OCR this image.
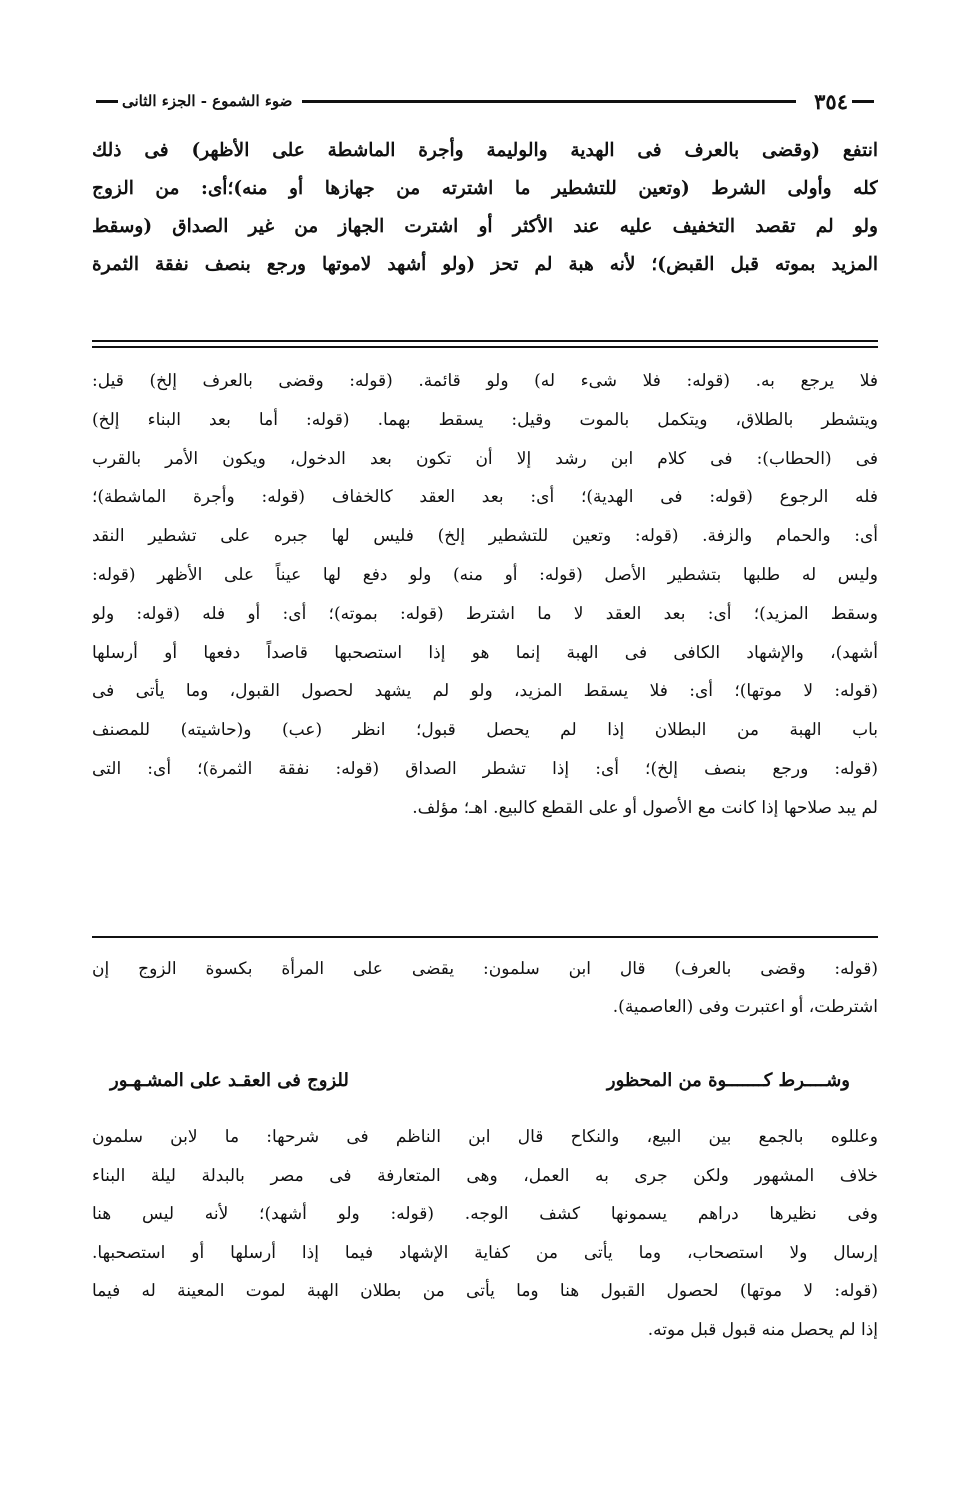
٣٥٤
ضوء الشموع - الجزء الثانى
انتفع (وقضى بالعرف فى الهدية والوليمة وأجرة الماشطة على الأظهر) فى ذلك
كله وأولى الشرط (وتعين للتشطير ما اشترته من جهازها أو منه)؛أى: من الزوج
ولو لم تقصد التخفيف عليه عند الأكثر أو اشترت الجهاز من غير الصداق (وسقط
المزيد بموته قبل القبض)؛ لأنه هبة لم تحز (ولو أشهد لاموتها ورجع بنصف نفقة الثمرة
فلا يرجع به. (قوله: فلا شىء له) ولو قائمة. (قوله: وقضى بالعرف إلخ) قيل:
ويتشطر بالطلاق، ويتكمل بالموت وقيل: يسقط بهما. (قوله: أما بعد البناء إلخ)
فى (الحطاب): فى كلام ابن رشد إلا أن تكون بعد الدخول، ويكون الأمر بالقرب
فله الرجوع (قوله: فى الهدية)؛ أى: بعد العقد كالخفاف (قوله: وأجرة الماشطة)؛
أى: والحمام والزفة. (قوله: وتعين للتشطير إلخ) فليس لها جبره على تشطير النقد
وليس له طلبها بتشطير الأصل (قوله: أو منه) ولو دفع لها عيناً على الأظهر (قوله:
وسقط المزيد)؛ أى: بعد العقد لا ما اشترط (قوله: بموته)؛ أى: أو فله (قوله: ولو
أشهد)، والإشهاد الكافى فى الهبة إنما هو إذا استصحبها قاصداً دفعها أو أرسلها
(قوله: لا موتها)؛ أى: فلا يسقط المزيد، ولو لم يشهد لحصول القبول، وما يأتى فى
باب الهبة من البطلان إذا لم يحصل قبول؛ انظر (عب) و(حاشيته) للمصنف
(قوله: ورجع بنصف إلخ)؛ أى: إذا تشطر الصداق (قوله: نفقة الثمرة)؛ أى: التى
لم يبد صلاحها إذا كانت مع الأصول أو على القطع كالبيع. اهـ؛ مؤلف.
(قوله: وقضى بالعرف) قال ابن سلمون: يقضى على المرأة بكسوة الزوج إن
اشترطت، أو اعتبرت وفى (العاصمية).
وشــــرط كـــــــوة من المحظور
للزوج فى العقـد على المشـهـور
وعللوه بالجمع بين البيع، والنكاح قال ابن الناظم فى شرحها: ما لابن سلمون
خلاف المشهور ولكن جرى به العمل، وهى المتعارفة فى مصر بالبدلة ليلة البناء
وفى نظيرها دراهم يسمونها كشف الوجه. (قوله: ولو أشهد)؛ لأنه ليس هنا
إرسال ولا استصحاب، وما يأتى من كفاية الإشهاد فيما إذا أرسلها أو استصحبها.
(قوله: لا موتها) لحصول القبول هنا وما يأتى من بطلان الهبة لموت المعينة له فيما
إذا لم يحصل منه قبول قبل موته.
